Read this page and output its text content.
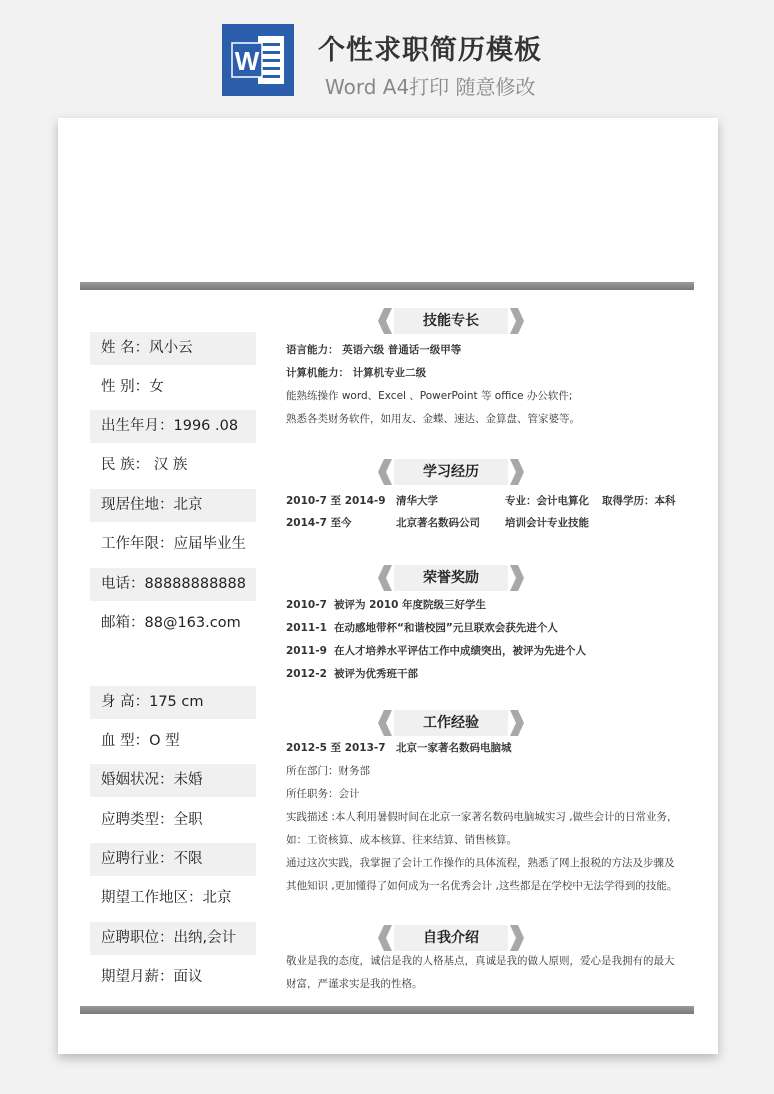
W 个性求职简历模板
Word A4打印 随意修改
姓 名：风小云
性 别：女
出生年月：1996 .08
民 族： 汉 族
现居住地：北京
工作年限：应届毕业生
电话：88888888888
邮箱：88@163.com
身 高：175 cm
血 型：O 型
婚姻状况：未婚
应聘类型：全职
应聘行业：不限
期望工作地区：北京
应聘职位：出纳,会计
期望月薪：面议
技能专长
语言能力： 英语六级 普通话一级甲等
计算机能力： 计算机专业二级
能熟练操作 word、Excel 、PowerPoint 等 office 办公软件;
熟悉各类财务软件，如用友、金蝶、速达、金算盘、管家婆等。
学习经历
2010-7 至 2014-9 清华大学	专业：会计电算化 取得学历：本科
2014-7 至今	北京著名数码公司 培训会计专业技能
荣誉奖励
2010-7 被评为 2010 年度院级三好学生
2011-1 在动感地带杯“和谐校园”元旦联欢会获先进个人
2011-9 在人才培养水平评估工作中成绩突出，被评为先进个人
2012-2 被评为优秀班干部
工作经验
2012-5 至 2013-7 北京一家著名数码电脑城
所在部门：财务部
所任职务：会计
实践描述 :本人利用暑假时间在北京一家著名数码电脑城实习 ,做些会计的日常业务，
如：工资核算、成本核算、往来结算、销售核算。
通过这次实践，我掌握了会计工作操作的具体流程，熟悉了网上报税的方法及步骤及
其他知识 ,更加懂得了如何成为一名优秀会计 ,这些都是在学校中无法学得到的技能。
自我介绍
敬业是我的态度，诚信是我的人格基点，真诚是我的做人原则，爱心是我拥有的最大
财富，严谨求实是我的性格。
